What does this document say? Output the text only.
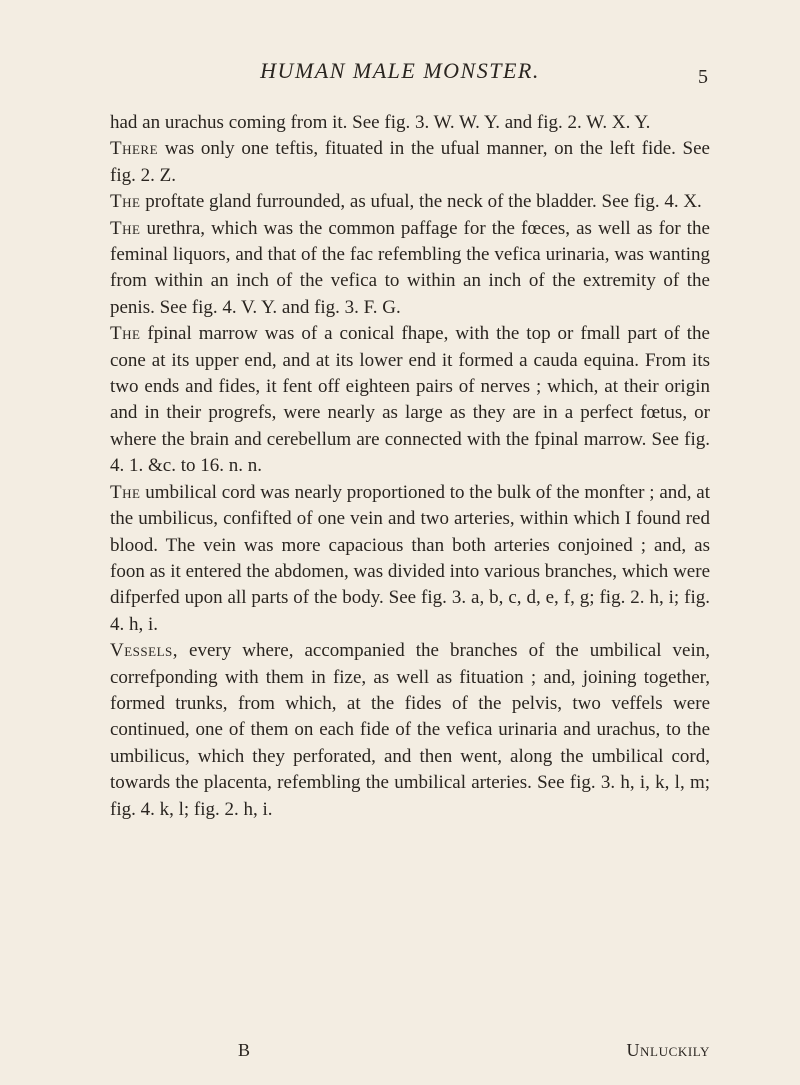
HUMAN MALE MONSTER.	5

had an urachus coming from it. See fig. 3. W. W. Y. and fig. 2. W. X. Y.

There was only one teftis, fituated in the ufual manner, on the left fide. See fig. 2. Z.

The proftate gland furrounded, as ufual, the neck of the bladder. See fig. 4. X.

The urethra, which was the common paffage for the fœces, as well as for the feminal liquors, and that of the fac refembling the vefica urinaria, was wanting from within an inch of the vefica to within an inch of the extremity of the penis. See fig. 4. V. Y. and fig. 3. F. G.

The fpinal marrow was of a conical fhape, with the top or fmall part of the cone at its upper end, and at its lower end it formed a cauda equina. From its two ends and fides, it fent off eighteen pairs of nerves ; which, at their origin and in their progrefs, were nearly as large as they are in a perfect fœtus, or where the brain and cerebellum are connected with the fpinal marrow. See fig. 4. 1. &c. to 16. n. n.

The umbilical cord was nearly proportioned to the bulk of the monfter ; and, at the umbilicus, confifted of one vein and two arteries, within which I found red blood. The vein was more capacious than both arteries conjoined ; and, as foon as it entered the abdomen, was divided into various branches, which were difperfed upon all parts of the body. See fig. 3. a, b, c, d, e, f, g; fig. 2. h, i; fig. 4. h, i.

Vessels, every where, accompanied the branches of the umbilical vein, correfponding with them in fize, as well as fituation ; and, joining together, formed trunks, from which, at the fides of the pelvis, two veffels were continued, one of them on each fide of the vefica urinaria and urachus, to the umbilicus, which they perforated, and then went, along the umbilical cord, towards the placenta, refembling the umbilical arteries. See fig. 3. h, i, k, l, m; fig. 4. k, l; fig. 2. h, i.

B	Unluckily
